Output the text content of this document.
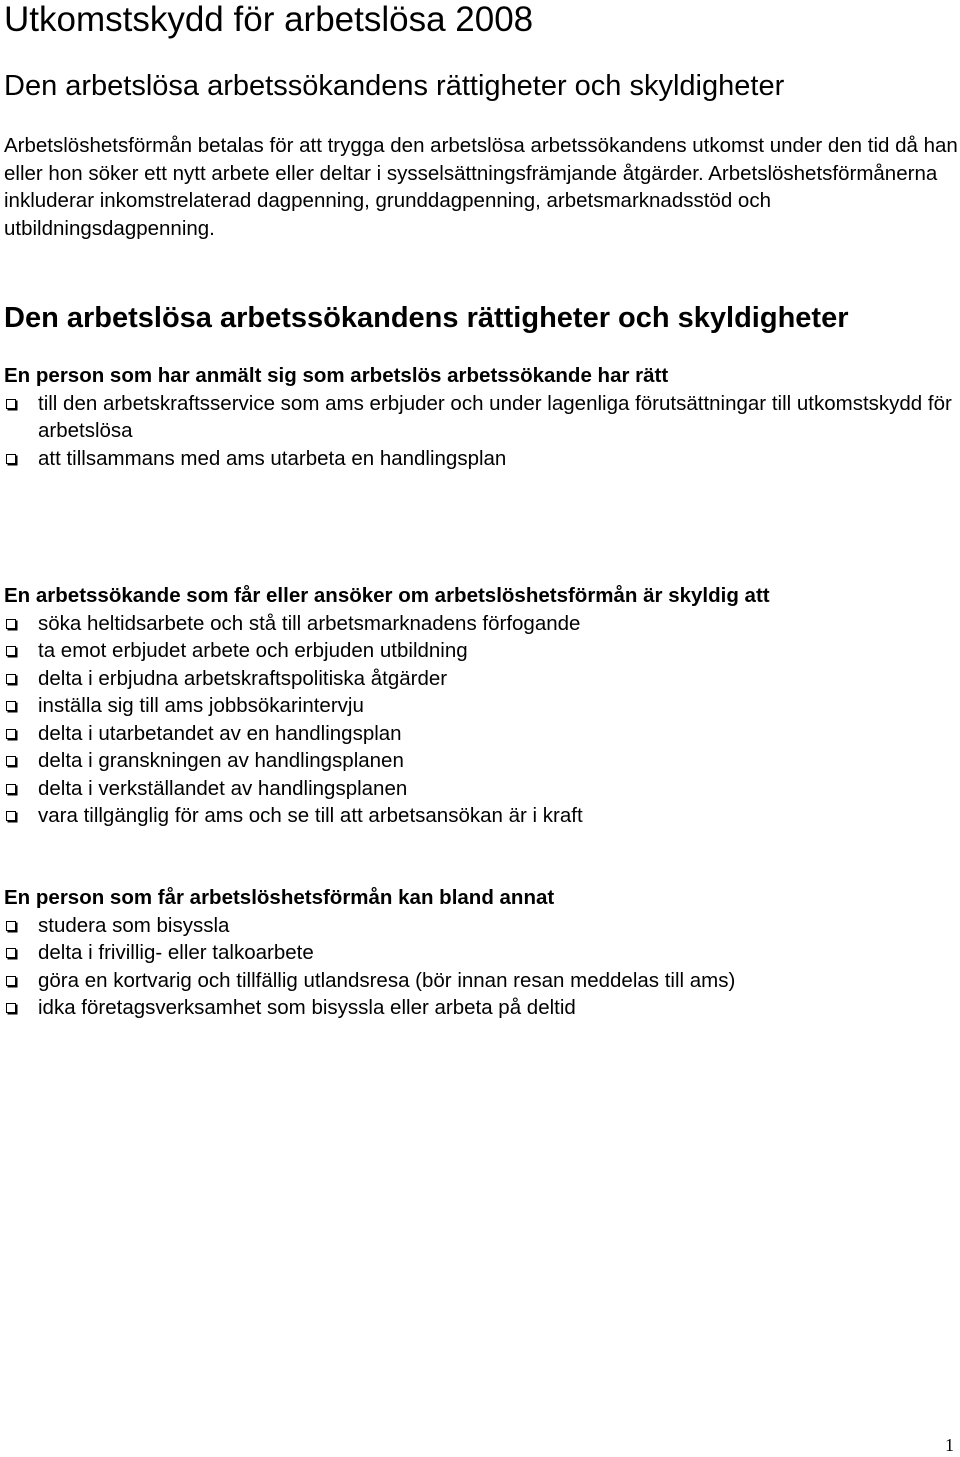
Utkomstskydd för arbetslösa 2008
Den arbetslösa arbetssökandens rättigheter och skyldigheter

Arbetslöshetsförmån betalas för att trygga den arbetslösa arbetssökandens utkomst under den tid då han eller hon söker ett nytt arbete eller deltar i sysselsättningsfrämjande åtgärder. Arbetslöshetsförmånerna inkluderar inkomstrelaterad dagpenning, grunddagpenning, arbetsmarknadsstöd och utbildningsdagpenning.

Den arbetslösa arbetssökandens rättigheter och skyldigheter

En person som har anmält sig som arbetslös arbetssökande har rätt

till den arbetskraftsservice som ams erbjuder och under lagenliga förutsättningar till utkomstskydd för arbetslösa
att tillsammans med ams utarbeta en handlingsplan

En arbetssökande som får eller ansöker om arbetslöshetsförmån är skyldig att

söka heltidsarbete och stå till arbetsmarknadens förfogande
ta emot erbjudet arbete och erbjuden utbildning
delta i erbjudna arbetskraftspolitiska åtgärder
inställa sig till ams jobbsökarintervju
delta i utarbetandet av en handlingsplan
delta i granskningen av handlingsplanen
delta i verkställandet av handlingsplanen
vara tillgänglig för ams och se till att arbetsansökan är i kraft

En person som får arbetslöshetsförmån kan bland annat

studera som bisyssla
delta i frivillig- eller talkoarbete
göra en kortvarig och tillfällig utlandsresa (bör innan resan meddelas till ams)
idka företagsverksamhet som bisyssla eller arbeta på deltid
1
